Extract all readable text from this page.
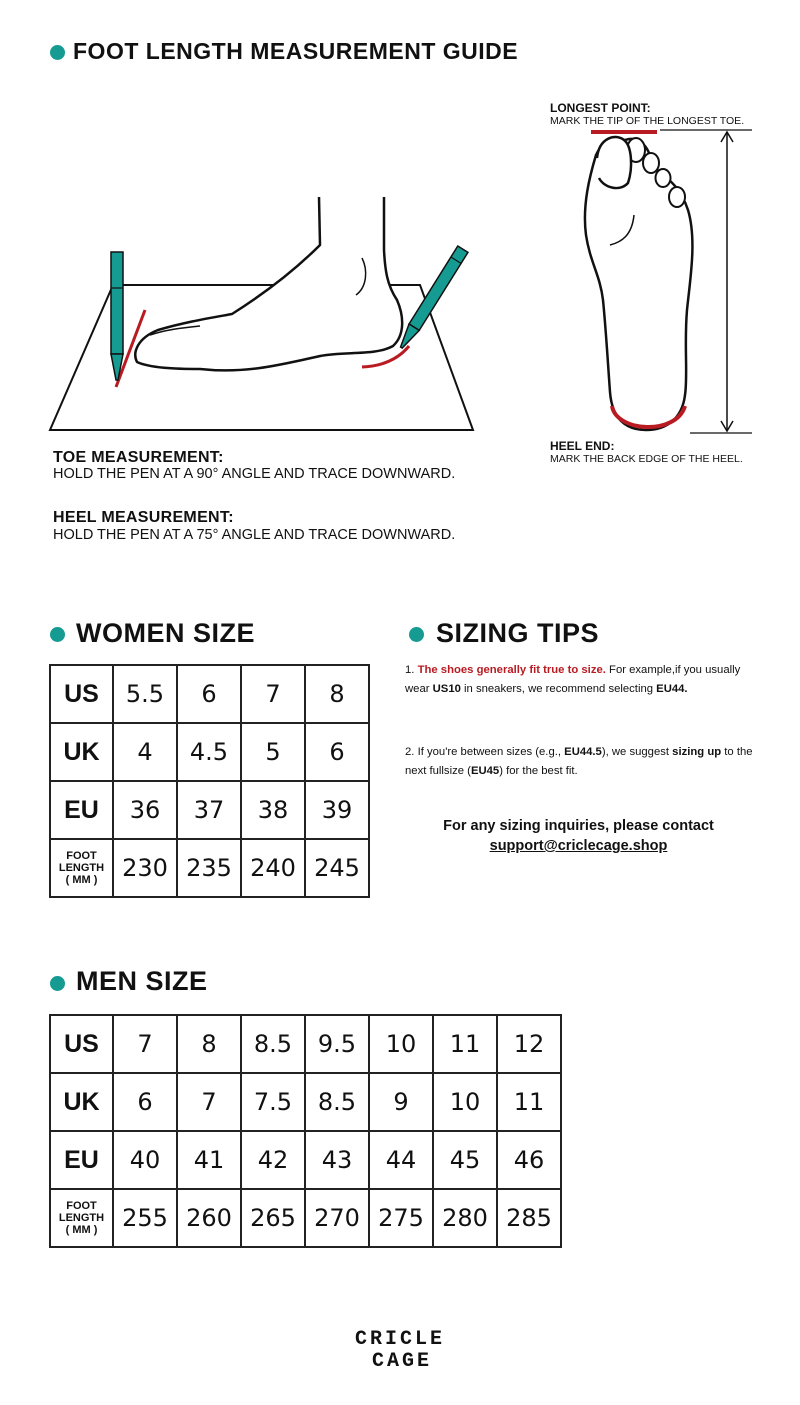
FOOT LENGTH MEASUREMENT GUIDE
TOE MEASUREMENT:
HOLD THE PEN AT A 90° ANGLE AND TRACE DOWNWARD.
HEEL MEASUREMENT:
HOLD THE PEN AT A 75° ANGLE AND TRACE DOWNWARD.
LONGEST POINT:
MARK THE TIP OF THE LONGEST TOE.
HEEL END:
MARK THE BACK EDGE OF THE HEEL.
WOMEN SIZE
US	5.5	6	7	8
UK	4	4.5	5	6
EU	36	37	38	39
FOOT
LENGTH
( MM )	230	235	240	245
SIZING TIPS

1. The shoes generally fit true to size. For example,if you usually wear US10 in sneakers, we recommend selecting EU44.

2. If you're between sizes (e.g., EU44.5), we suggest sizing up to the next fullsize (EU45) for the best fit.

For any sizing inquiries, please contact
support@criclecage.shop
MEN SIZE
US	7	8	8.5	9.5	10	11	12
UK	6	7	7.5	8.5	9	10	11
EU	40	41	42	43	44	45	46
FOOT
LENGTH
( MM )	255	260	265	270	275	280	285
CRICLE
CAGE
